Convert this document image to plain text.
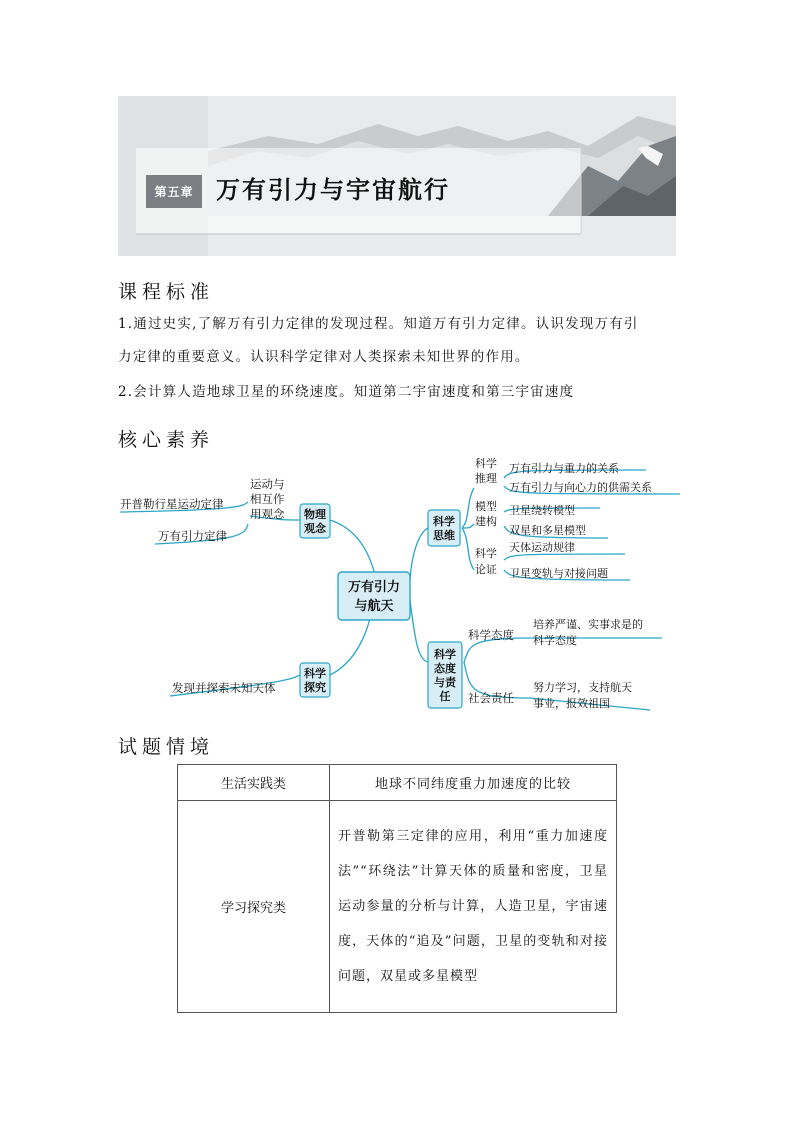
第五章 万有引力与宇宙航行
课程标准
1.通过史实,了解万有引力定律的发现过程。知道万有引力定律。认识发现万有引
力定律的重要意义。认识科学定律对人类探索未知世界的作用。
2.会计算人造地球卫星的环绕速度。知道第二宇宙速度和第三宇宙速度
核心素养
万有引力
与航天
物理
观念
运动与
相互作
用观念
开普勒行星运动定律
万有引力定律
科学
探究
发现并探索未知天体
科学
思维
科学
推理
万有引力与重力的关系
万有引力与向心力的供需关系
模型
建构
卫星绕转模型
双星和多星模型
科学
论证
天体运动规律
卫星变轨与对接问题
科学
态度
与责
任
科学态度
培养严谨、实事求是的
科学态度
社会责任
努力学习，支持航天
事业，报效祖国
试题情境
生活实践类	地球不同纬度重力加速度的比较
学习探究类	开普勒第三定律的应用，利用“重力加速度法”“环绕法”计算天体的质量和密度，卫星运动参量的分析与计算，人造卫星，宇宙速度，天体的“追及”问题，卫星的变轨和对接问题，双星或多星模型
